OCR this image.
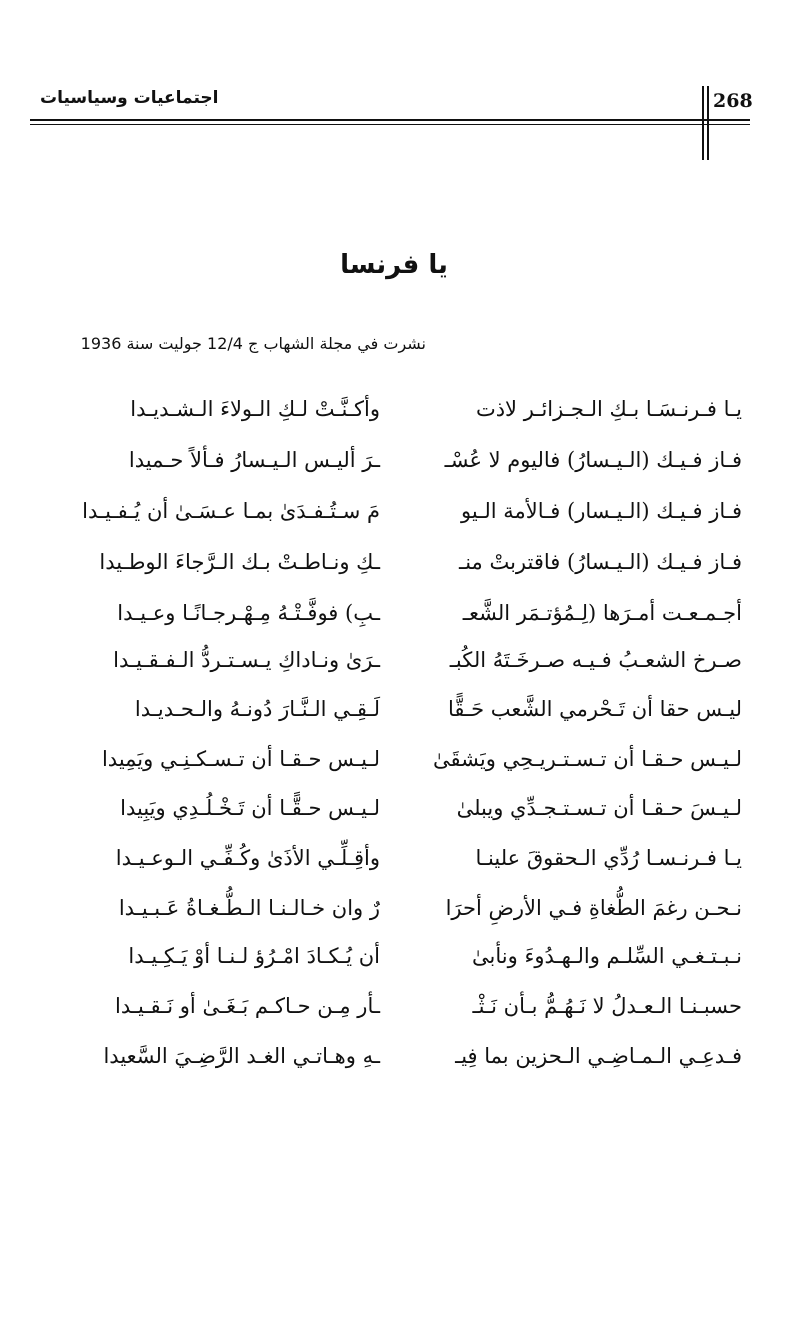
اجتماعيات وسياسيات	268
يا فرنسا
نشرت في مجلة الشهاب ج 12/4 جوليت سنة 1936
يـا فـرنـسَـا بـكِ الـجـزائـر لاذت
وأكـنَّـتْ لـكِ الـولاءَ الـشـديـدا
فـاز فـيـك (الـيـسارُ) فاليوم لا عُسْـ
ـرَ أليـس الـيـسارُ فـألاً حـميدا
فـاز فـيـك (الـيـسار) فـالأمة الـيو
مَ سـتُـفـدَىٰ بمـا عـسَـىٰ أن يُـفـيـدا
فـاز فـيـك (الـيـسارُ) فاقتربتْ منـ
ـكِ ونـاطـتْ بـك الـرَّجاءَ الوطـيدا
أجـمـعـت أمـرَها (لِـمُؤتـمَر الشَّعـ
ـبِ) فوفَّـتْـهُ مِـهْـرجـانًـا وعـيـدا
صـرخ الشعـبُ فـيـه صـرخَـتَهُ الكُبـ
ـرَىٰ ونـاداكِ يـسـتـردُّ الـفـقـيـدا
ليـس حقا أن تَـحْرمي الشَّعب حَـقًّا
لَـقِـي الـنَّـارَ دُونـهُ والـحـديـدا
لـيـس حـقـا أن تـسـتـريـحِي ويَشقَىٰ
لـيـس حـقـا أن تـسـكـنِـي ويَمِيدا
لـيـسَ حـقـا أن تـسـتـجـدِّي ويبلىٰ
لـيـس حـقًّـا أن تَـخْـلُـدِي ويَبِيدا
يـا فـرنـسـا رُدِّي الـحقوقَ علينـا
وأقِـلِّـي الأذَىٰ وكُـفِّـي الـوعـيـدا
نـحـن رغمَ الطُّغاةِ فـي الأرضِ أحرَا
رٌ وان خـالـنـا الـطُّـغـاةُ عَـبـيـدا
نـبـتـغـي السِّلـم والـهـدُوءَ ونأبىٰ
أن يُـكـادَ امْـرُؤ لـنـا أوْ يَـكِـيـدا
حسبـنـا الـعـدلُ لا نَـهُـمُّ بـأن نَـثْـ
ـأر مِـن حـاكـم بَـغَـىٰ أو نَـقـيـدا
فـدعِـي الـمـاضِـي الـحزين بما فِيـ
ـهِ وهـاتـي الغـد الرَّضِـيَ السَّعيدا
